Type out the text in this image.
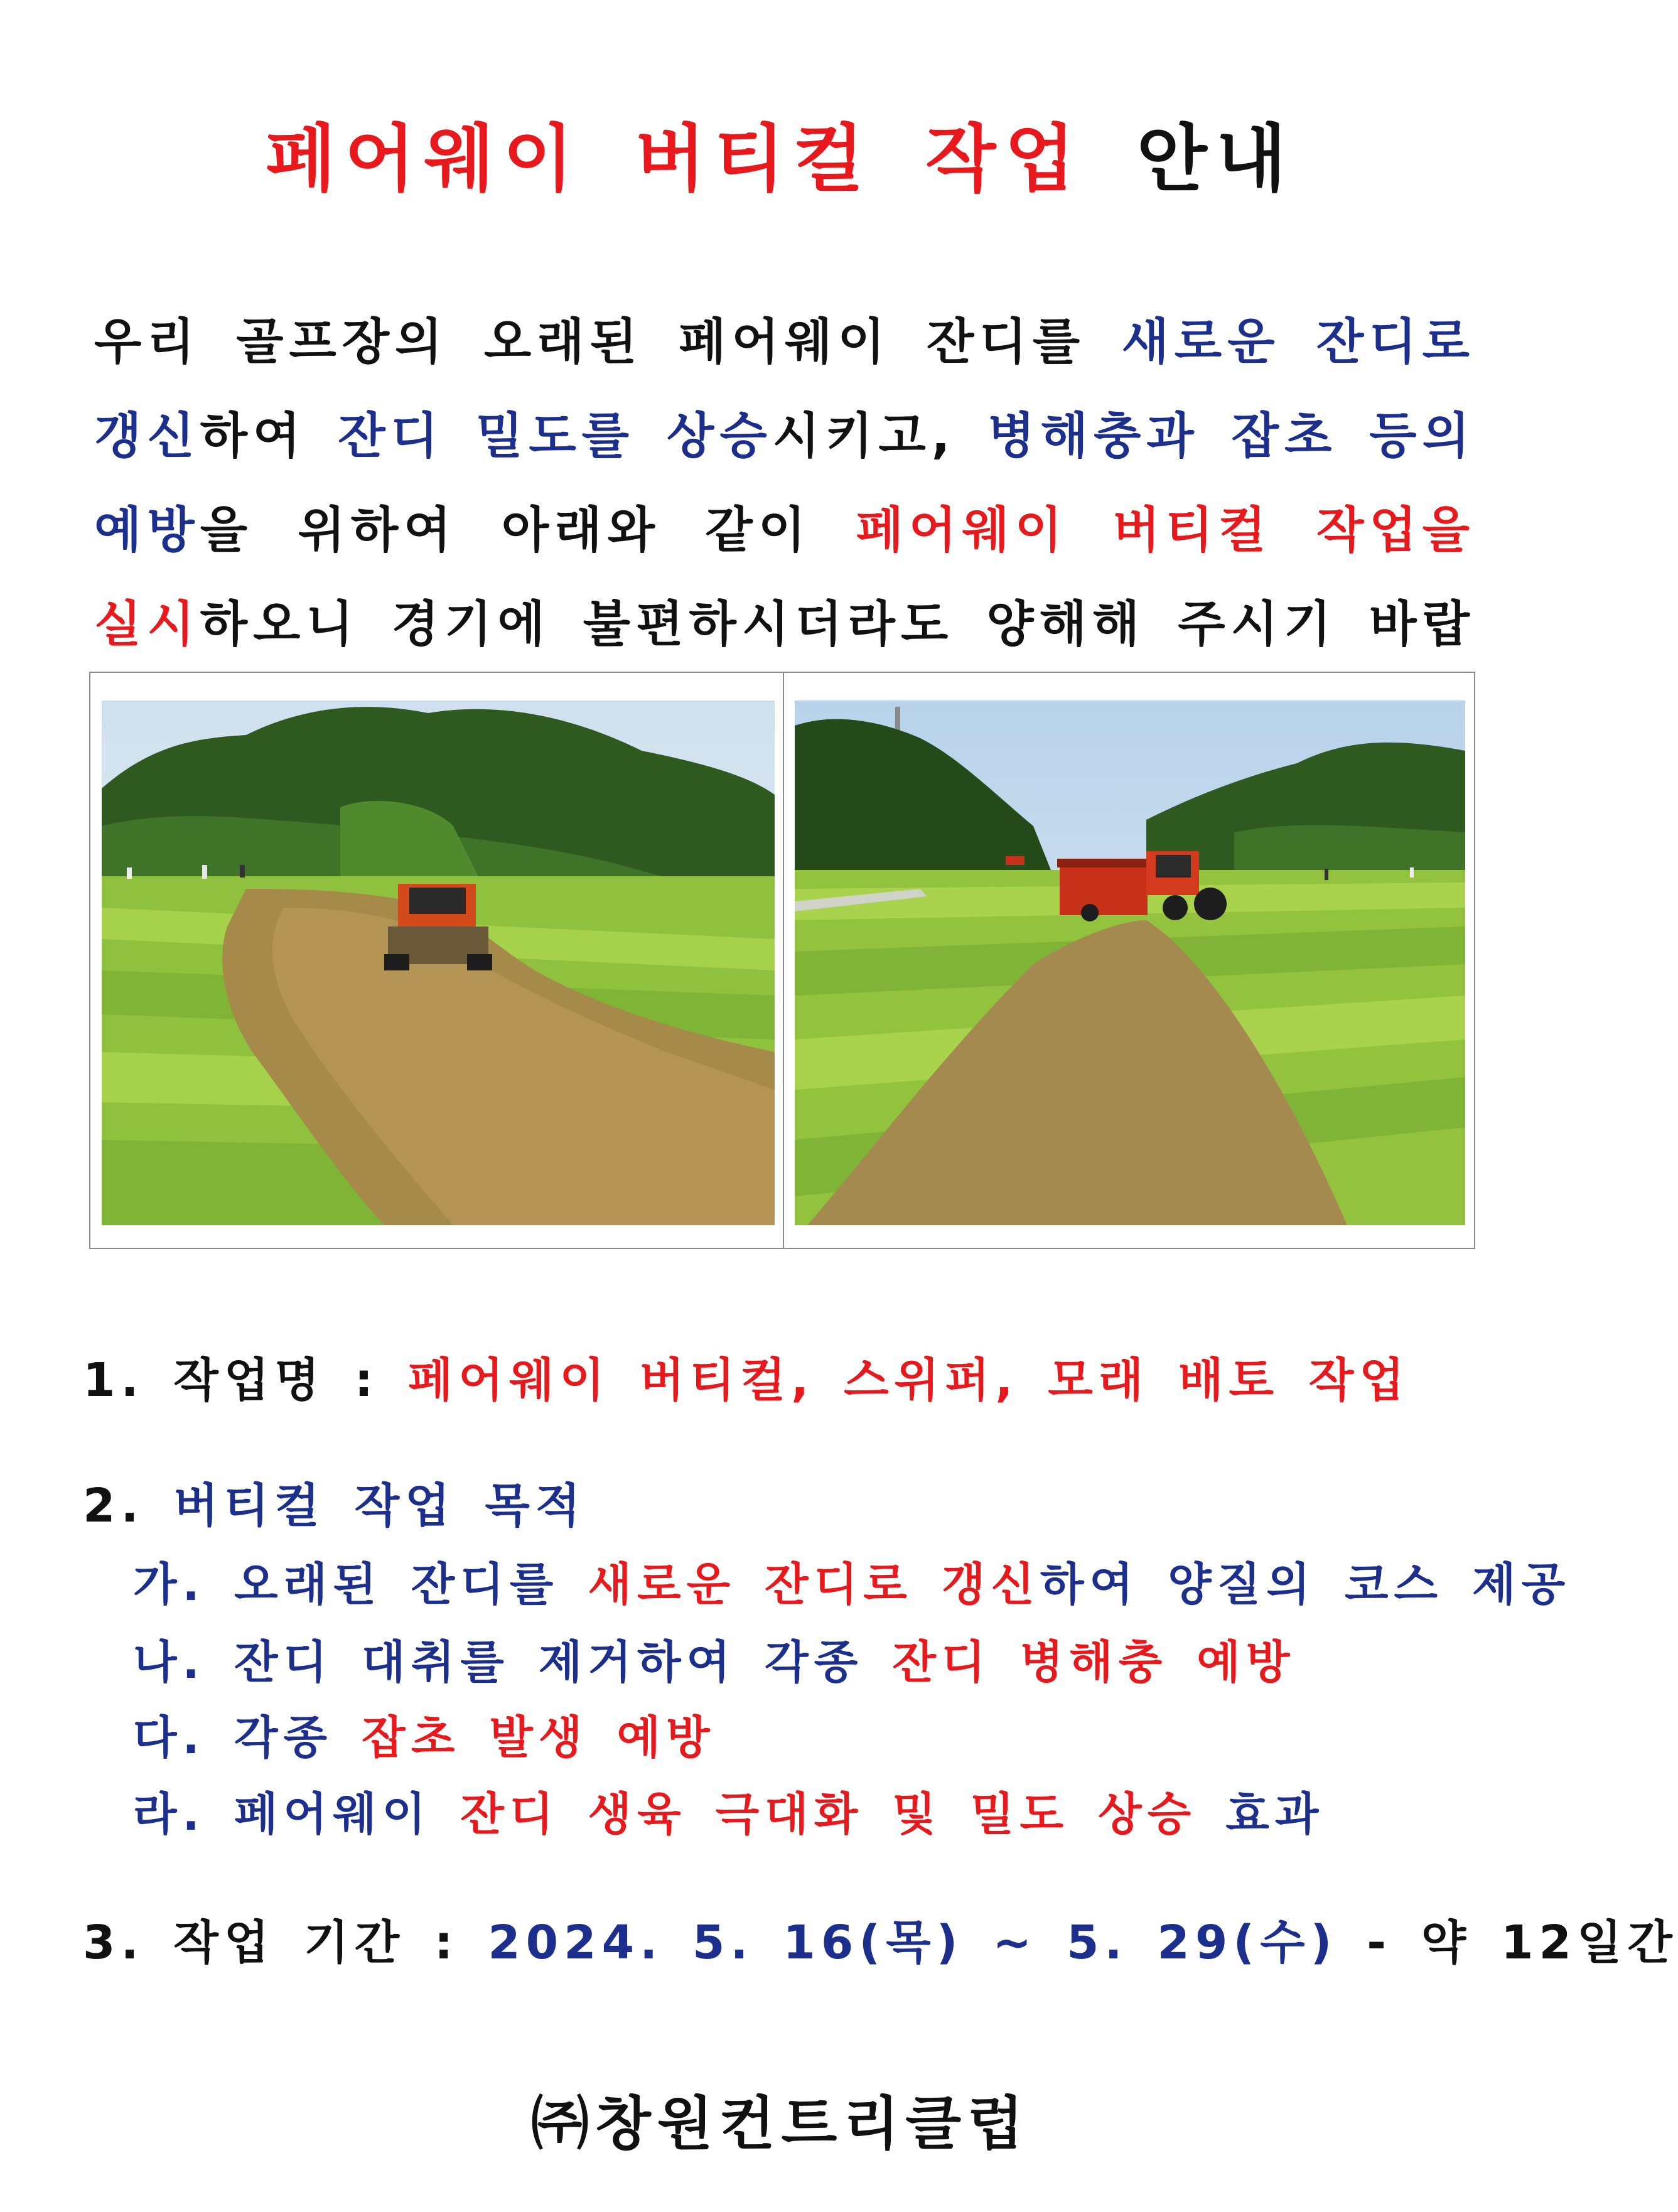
페어웨이 버티컬 작업 안내
우리 골프장의 오래된 페어웨이 잔디를 새로운 잔디로 갱신하여 잔디 밀도를 상승시키고, 병해충과 잡초 등의 예방을 위하여 아래와 같이 페어웨이 버티컬 작업을 실시하오니 경기에 불편하시더라도 양해해 주시기 바랍
1. 작업명 : 페어웨이 버티컬, 스위퍼, 모래 배토 작업
2. 버티컬 작업 목적
가. 오래된 잔디를 새로운 잔디로 갱신하여 양질의 코스 제공
나. 잔디 대취를 제거하여 각종 잔디 병해충 예방
다. 각종 잡초 발생 예방
라. 페어웨이 잔디 생육 극대화 및 밀도 상승 효과
3. 작업 기간 : 2024. 5. 16(목) ~ 5. 29(수) - 약 12일간
㈜창원컨트리클럽
